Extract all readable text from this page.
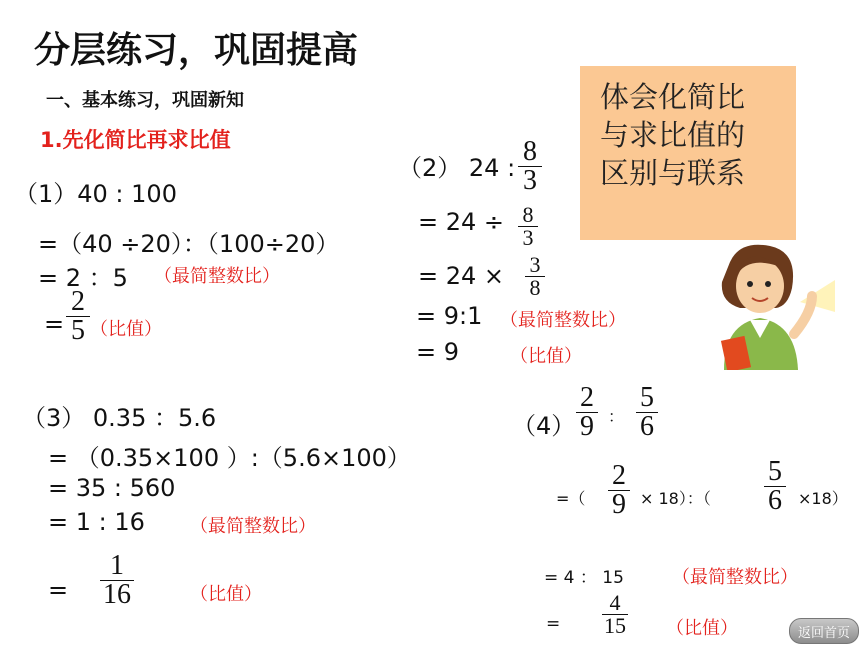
分层练习，巩固提高
一、基本练习，巩固新知
1.先化简比再求比值
体会化简比
与求比值的
区别与联系
（1）40 : 100
=（40 ÷20）：（100÷20）
= 2 ：5 （最简整数比）
=
2
5 （比值）
（2） 24 :
8
3
= 24 ÷ 8
3
= 24 × 3
8
= 9:1 （最简整数比）
= 9	（比值）
（3） 0.35 ：5.6
= （0.35×100 ）:（5.6×100）
= 35 : 560
= 1 : 16	（最简整数比）
=
1
16	（比值）
（4）
2
9 ：
5
6
=（
2
9 × 18）：（
5
6 ×18）
= 4 ： 15	（最简整数比）
=
4
15 （比值）	返回首页
